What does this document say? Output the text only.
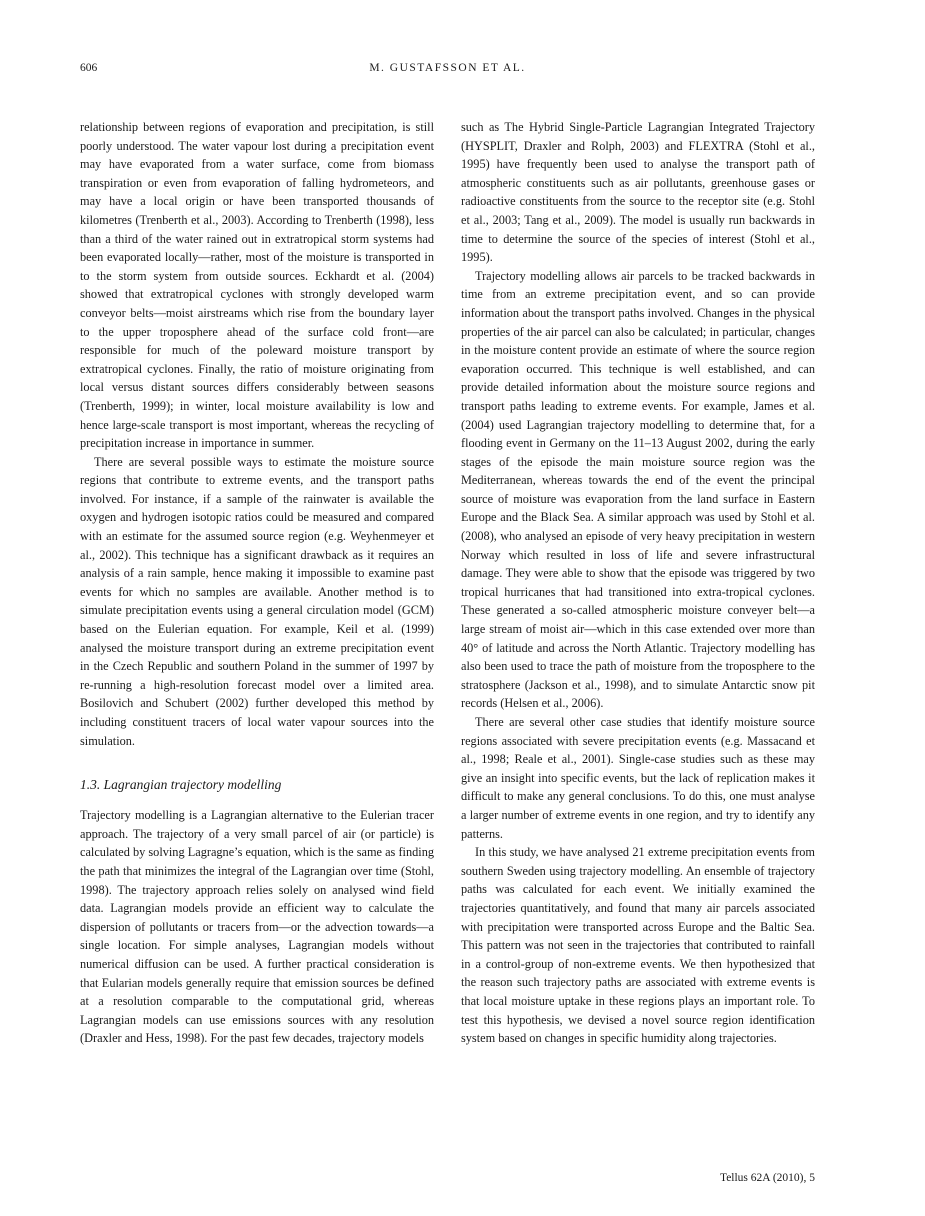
606	M. GUSTAFSSON ET AL.

relationship between regions of evaporation and precipitation, is still poorly understood. The water vapour lost during a precipitation event may have evaporated from a water surface, come from biomass transpiration or even from evaporation of falling hydrometeors, and may have a local origin or have been transported thousands of kilometres (Trenberth et al., 2003). According to Trenberth (1998), less than a third of the water rained out in extratropical storm systems had been evaporated locally—rather, most of the moisture is transported in to the storm system from outside sources. Eckhardt et al. (2004) showed that extratropical cyclones with strongly developed warm conveyor belts—moist airstreams which rise from the boundary layer to the upper troposphere ahead of the surface cold front—are responsible for much of the poleward moisture transport by extratropical cyclones. Finally, the ratio of moisture originating from local versus distant sources differs considerably between seasons (Trenberth, 1999); in winter, local moisture availability is low and hence large-scale transport is most important, whereas the recycling of precipitation increase in importance in summer.

There are several possible ways to estimate the moisture source regions that contribute to extreme events, and the transport paths involved. For instance, if a sample of the rainwater is available the oxygen and hydrogen isotopic ratios could be measured and compared with an estimate for the assumed source region (e.g. Weyhenmeyer et al., 2002). This technique has a significant drawback as it requires an analysis of a rain sample, hence making it impossible to examine past events for which no samples are available. Another method is to simulate precipitation events using a general circulation model (GCM) based on the Eulerian equation. For example, Keil et al. (1999) analysed the moisture transport during an extreme precipitation event in the Czech Republic and southern Poland in the summer of 1997 by re-running a high-resolution forecast model over a limited area. Bosilovich and Schubert (2002) further developed this method by including constituent tracers of local water vapour sources into the simulation.

1.3. Lagrangian trajectory modelling

Trajectory modelling is a Lagrangian alternative to the Eulerian tracer approach. The trajectory of a very small parcel of air (or particle) is calculated by solving Lagragne’s equation, which is the same as finding the path that minimizes the integral of the Lagrangian over time (Stohl, 1998). The trajectory approach relies solely on analysed wind field data. Lagrangian models provide an efficient way to calculate the dispersion of pollutants or tracers from—or the advection towards—a single location. For simple analyses, Lagrangian models without numerical diffusion can be used. A further practical consideration is that Eularian models generally require that emission sources be defined at a resolution comparable to the computational grid, whereas Lagrangian models can use emissions sources with any resolution (Draxler and Hess, 1998). For the past few decades, trajectory models

such as The Hybrid Single-Particle Lagrangian Integrated Trajectory (HYSPLIT, Draxler and Rolph, 2003) and FLEXTRA (Stohl et al., 1995) have frequently been used to analyse the transport path of atmospheric constituents such as air pollutants, greenhouse gases or radioactive constituents from the source to the receptor site (e.g. Stohl et al., 2003; Tang et al., 2009). The model is usually run backwards in time to determine the source of the species of interest (Stohl et al., 1995).

Trajectory modelling allows air parcels to be tracked backwards in time from an extreme precipitation event, and so can provide information about the transport paths involved. Changes in the physical properties of the air parcel can also be calculated; in particular, changes in the moisture content provide an estimate of where the source region evaporation occurred. This technique is well established, and can provide detailed information about the moisture source regions and transport paths leading to extreme events. For example, James et al. (2004) used Lagrangian trajectory modelling to determine that, for a flooding event in Germany on the 11–13 August 2002, during the early stages of the episode the main moisture source region was the Mediterranean, whereas towards the end of the event the principal source of moisture was evaporation from the land surface in Eastern Europe and the Black Sea. A similar approach was used by Stohl et al. (2008), who analysed an episode of very heavy precipitation in western Norway which resulted in loss of life and severe infrastructural damage. They were able to show that the episode was triggered by two tropical hurricanes that had transitioned into extra-tropical cyclones. These generated a so-called atmospheric moisture conveyer belt—a large stream of moist air—which in this case extended over more than 40° of latitude and across the North Atlantic. Trajectory modelling has also been used to trace the path of moisture from the troposphere to the stratosphere (Jackson et al., 1998), and to simulate Antarctic snow pit records (Helsen et al., 2006).

There are several other case studies that identify moisture source regions associated with severe precipitation events (e.g. Massacand et al., 1998; Reale et al., 2001). Single-case studies such as these may give an insight into specific events, but the lack of replication makes it difficult to make any general conclusions. To do this, one must analyse a larger number of extreme events in one region, and try to identify any patterns.

In this study, we have analysed 21 extreme precipitation events from southern Sweden using trajectory modelling. An ensemble of trajectory paths was calculated for each event. We initially examined the trajectories quantitatively, and found that many air parcels associated with precipitation were transported across Europe and the Baltic Sea. This pattern was not seen in the trajectories that contributed to rainfall in a control-group of non-extreme events. We then hypothesized that the reason such trajectory paths are associated with extreme events is that local moisture uptake in these regions plays an important role. To test this hypothesis, we devised a novel source region identification system based on changes in specific humidity along trajectories.

Tellus 62A (2010), 5
